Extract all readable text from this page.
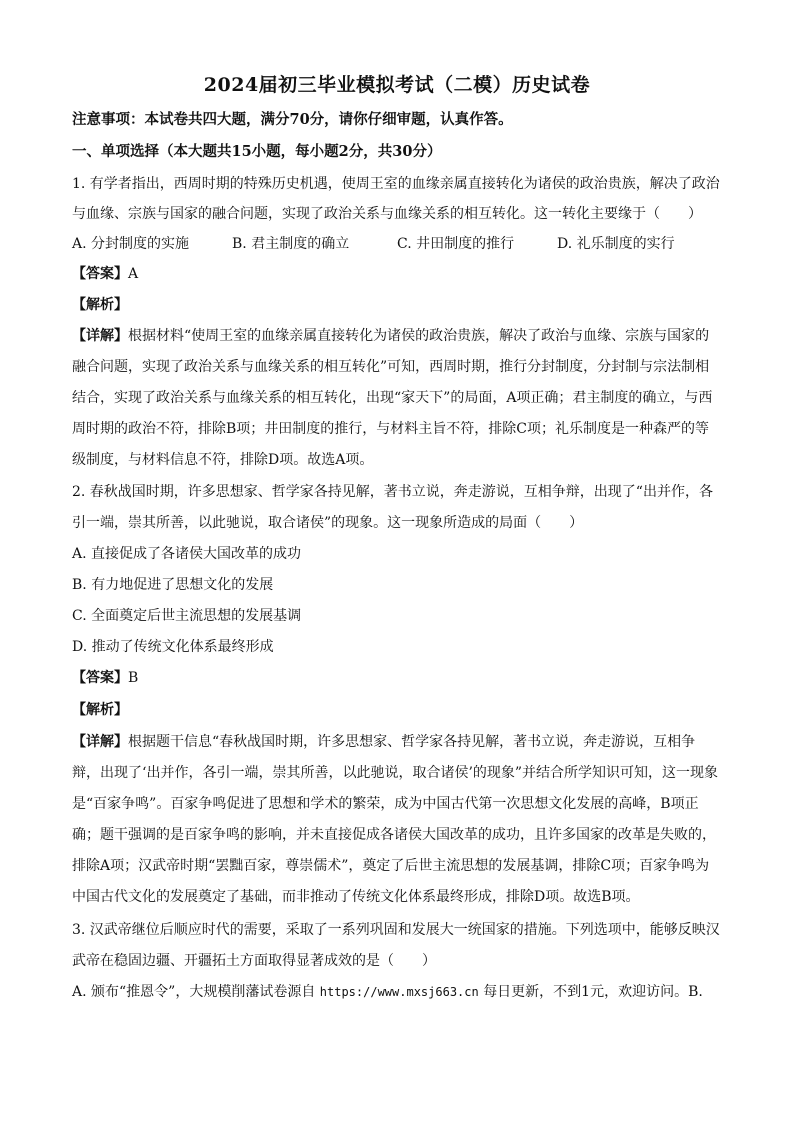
2024届初三毕业模拟考试（二模）历史试卷
注意事项：本试卷共四大题，满分70分，请你仔细审题，认真作答。
一、单项选择（本大题共15小题，每小题2分，共30分）
1. 有学者指出，西周时期的特殊历史机遇，使周王室的血缘亲属直接转化为诸侯的政治贵族，解决了政治
与血缘、宗族与国家的融合问题，实现了政治关系与血缘关系的相互转化。这一转化主要缘于（　　）
A. 分封制度的实施	B. 君主制度的确立	C. 井田制度的推行	D. 礼乐制度的实行
【答案】A
【解析】
【详解】根据材料“使周王室的血缘亲属直接转化为诸侯的政治贵族，解决了政治与血缘、宗族与国家的
融合问题，实现了政治关系与血缘关系的相互转化”可知，西周时期，推行分封制度，分封制与宗法制相
结合，实现了政治关系与血缘关系的相互转化，出现“家天下”的局面，A项正确；君主制度的确立，与西
周时期的政治不符，排除B项；井田制度的推行，与材料主旨不符，排除C项；礼乐制度是一种森严的等
级制度，与材料信息不符，排除D项。故选A项。
2. 春秋战国时期，许多思想家、哲学家各持见解，著书立说，奔走游说，互相争辩，出现了“出并作，各
引一端，崇其所善，以此驰说，取合诸侯”的现象。这一现象所造成的局面（　　）
A. 直接促成了各诸侯大国改革的成功
B. 有力地促进了思想文化的发展
C. 全面奠定后世主流思想的发展基调
D. 推动了传统文化体系最终形成
【答案】B
【解析】
【详解】根据题干信息“春秋战国时期，许多思想家、哲学家各持见解，著书立说，奔走游说，互相争
辩，出现了‘出并作，各引一端，崇其所善，以此驰说，取合诸侯’的现象”并结合所学知识可知，这一现象
是“百家争鸣”。百家争鸣促进了思想和学术的繁荣，成为中国古代第一次思想文化发展的高峰，B项正
确；题干强调的是百家争鸣的影响，并未直接促成各诸侯大国改革的成功，且许多国家的改革是失败的，
排除A项；汉武帝时期“罢黜百家，尊崇儒术”，奠定了后世主流思想的发展基调，排除C项；百家争鸣为
中国古代文化的发展奠定了基础，而非推动了传统文化体系最终形成，排除D项。故选B项。
3. 汉武帝继位后顺应时代的需要，采取了一系列巩固和发展大一统国家的措施。下列选项中，能够反映汉
武帝在稳固边疆、开疆拓土方面取得显著成效的是（　　）
A. 颁布“推恩令”，大规模削藩试卷源自 https://www.mxsj663.cn 每日更新，不到1元，欢迎访问。B.
